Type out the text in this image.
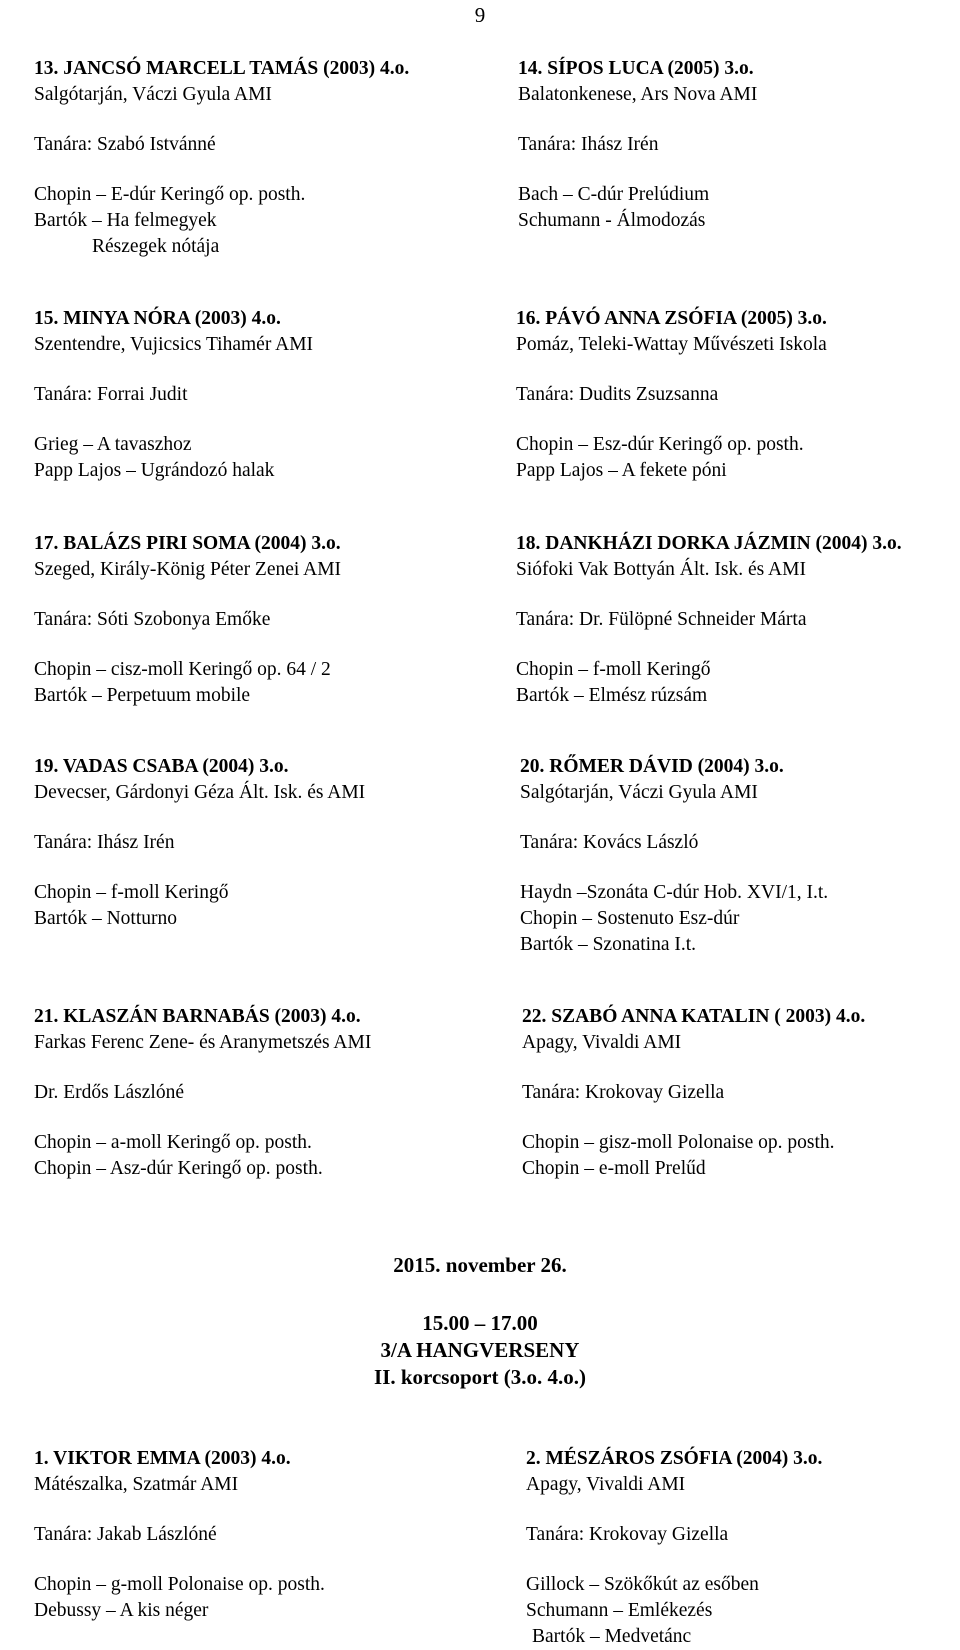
9
13. JANCSÓ MARCELL TAMÁS (2003) 4.o.
Salgótarján, Váczi Gyula AMI
Tanára: Szabó Istvánné
Chopin – E-dúr Keringő op. posth.
Bartók – Ha felmegyek
Részegek nótája
14. SÍPOS LUCA (2005) 3.o.
Balatonkenese, Ars Nova AMI
Tanára: Ihász Irén
Bach – C-dúr Prelúdium
Schumann - Álmodozás
15. MINYA NÓRA (2003) 4.o.
Szentendre, Vujicsics Tihamér AMI
Tanára: Forrai Judit
Grieg – A tavaszhoz
Papp Lajos – Ugrándozó halak
16. PÁVÓ ANNA ZSÓFIA (2005) 3.o.
Pomáz, Teleki-Wattay Művészeti Iskola
Tanára: Dudits Zsuzsanna
Chopin – Esz-dúr Keringő op. posth.
Papp Lajos – A fekete póni
17. BALÁZS PIRI SOMA (2004) 3.o.
Szeged, Király-König Péter Zenei AMI
Tanára: Sóti Szobonya Emőke
Chopin – cisz-moll Keringő op. 64 / 2
Bartók – Perpetuum mobile
18. DANKHÁZI DORKA JÁZMIN (2004) 3.o.
Siófoki Vak Bottyán Ált. Isk. és AMI
Tanára: Dr. Fülöpné Schneider Márta
Chopin – f-moll Keringő
Bartók – Elmész rúzsám
19. VADAS CSABA (2004) 3.o.
Devecser, Gárdonyi Géza Ált. Isk. és AMI
Tanára: Ihász Irén
Chopin – f-moll Keringő
Bartók – Notturno
20. RŐMER DÁVID (2004) 3.o.
Salgótarján, Váczi Gyula AMI
Tanára: Kovács László
Haydn –Szonáta C-dúr Hob. XVI/1, I.t.
Chopin – Sostenuto Esz-dúr
Bartók – Szonatina I.t.
21. KLASZÁN BARNABÁS (2003) 4.o.
Farkas Ferenc Zene- és Aranymetszés AMI
Dr. Erdős Lászlóné
Chopin – a-moll Keringő op. posth.
Chopin – Asz-dúr Keringő op. posth.
22. SZABÓ ANNA KATALIN ( 2003) 4.o.
Apagy, Vivaldi AMI
Tanára: Krokovay Gizella
Chopin – gisz-moll Polonaise op. posth.
Chopin – e-moll Prelűd
2015. november 26.
15.00 – 17.00
3/A HANGVERSENY
II. korcsoport (3.o. 4.o.)
1. VIKTOR EMMA (2003) 4.o.
Mátészalka, Szatmár AMI
Tanára: Jakab Lászlóné
Chopin – g-moll Polonaise op. posth.
Debussy – A kis néger
2. MÉSZÁROS ZSÓFIA (2004) 3.o.
Apagy, Vivaldi AMI
Tanára: Krokovay Gizella
Gillock – Szökőkút az esőben
Schumann – Emlékezés
Bartók – Medvetánc
